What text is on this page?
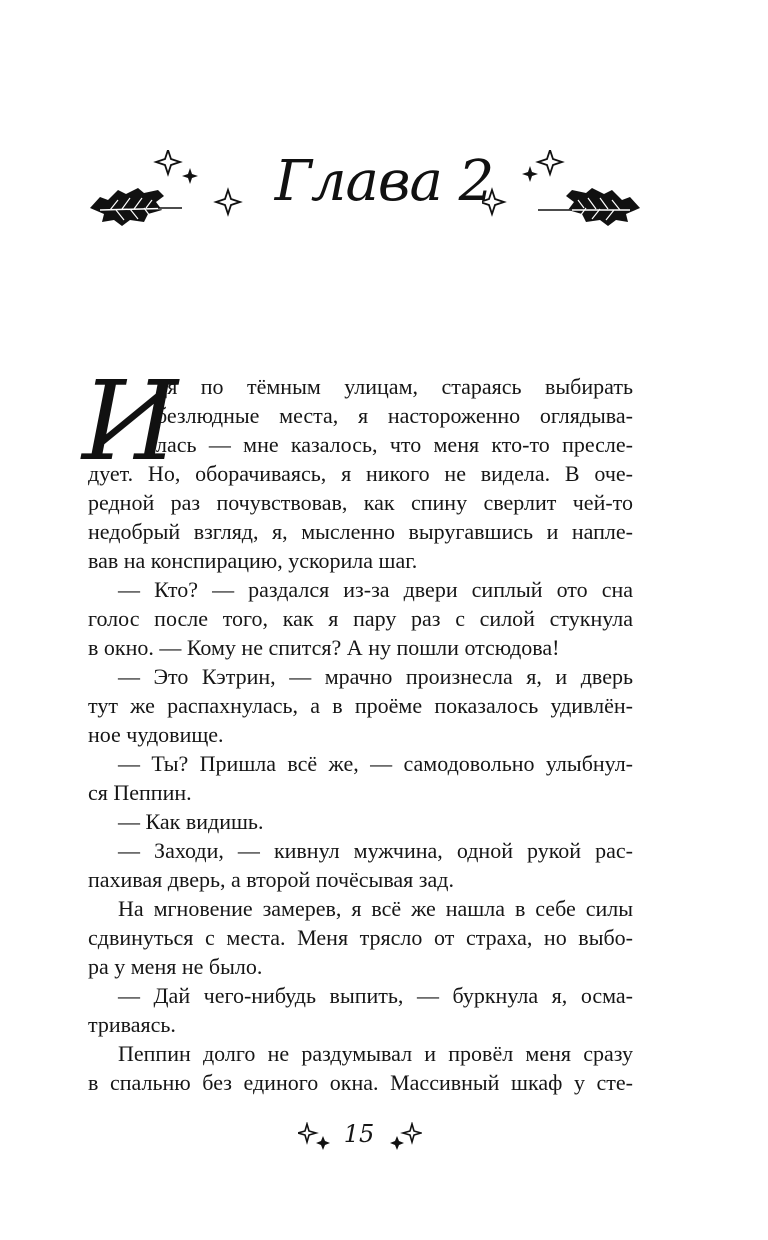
Глава 2
И
дя по тёмным улицам, стараясь выбирать
безлюдные места, я настороженно оглядыва-
лась — мне казалось, что меня кто-то пресле-
дует. Но, оборачиваясь, я никого не видела. В оче-
редной раз почувствовав, как спину сверлит чей-то
недобрый взгляд, я, мысленно выругавшись и напле-
вав на конспирацию, ускорила шаг.
— Кто? — раздался из-за двери сиплый ото сна
голос после того, как я пару раз с силой стукнула
в окно. — Кому не спится? А ну пошли отсюдова!
— Это Кэтрин, — мрачно произнесла я, и дверь
тут же распахнулась, а в проёме показалось удивлён-
ное чудовище.
— Ты? Пришла всё же, — самодовольно улыбнул-
ся Пеппин.
— Как видишь.
— Заходи, — кивнул мужчина, одной рукой рас-
пахивая дверь, а второй почёсывая зад.
На мгновение замерев, я всё же нашла в себе силы
сдвинуться с места. Меня трясло от страха, но выбо-
ра у меня не было.
— Дай чего-нибудь выпить, — буркнула я, осма-
триваясь.
Пеппин долго не раздумывал и провёл меня сразу
в спальню без единого окна. Массивный шкаф у сте-
15
